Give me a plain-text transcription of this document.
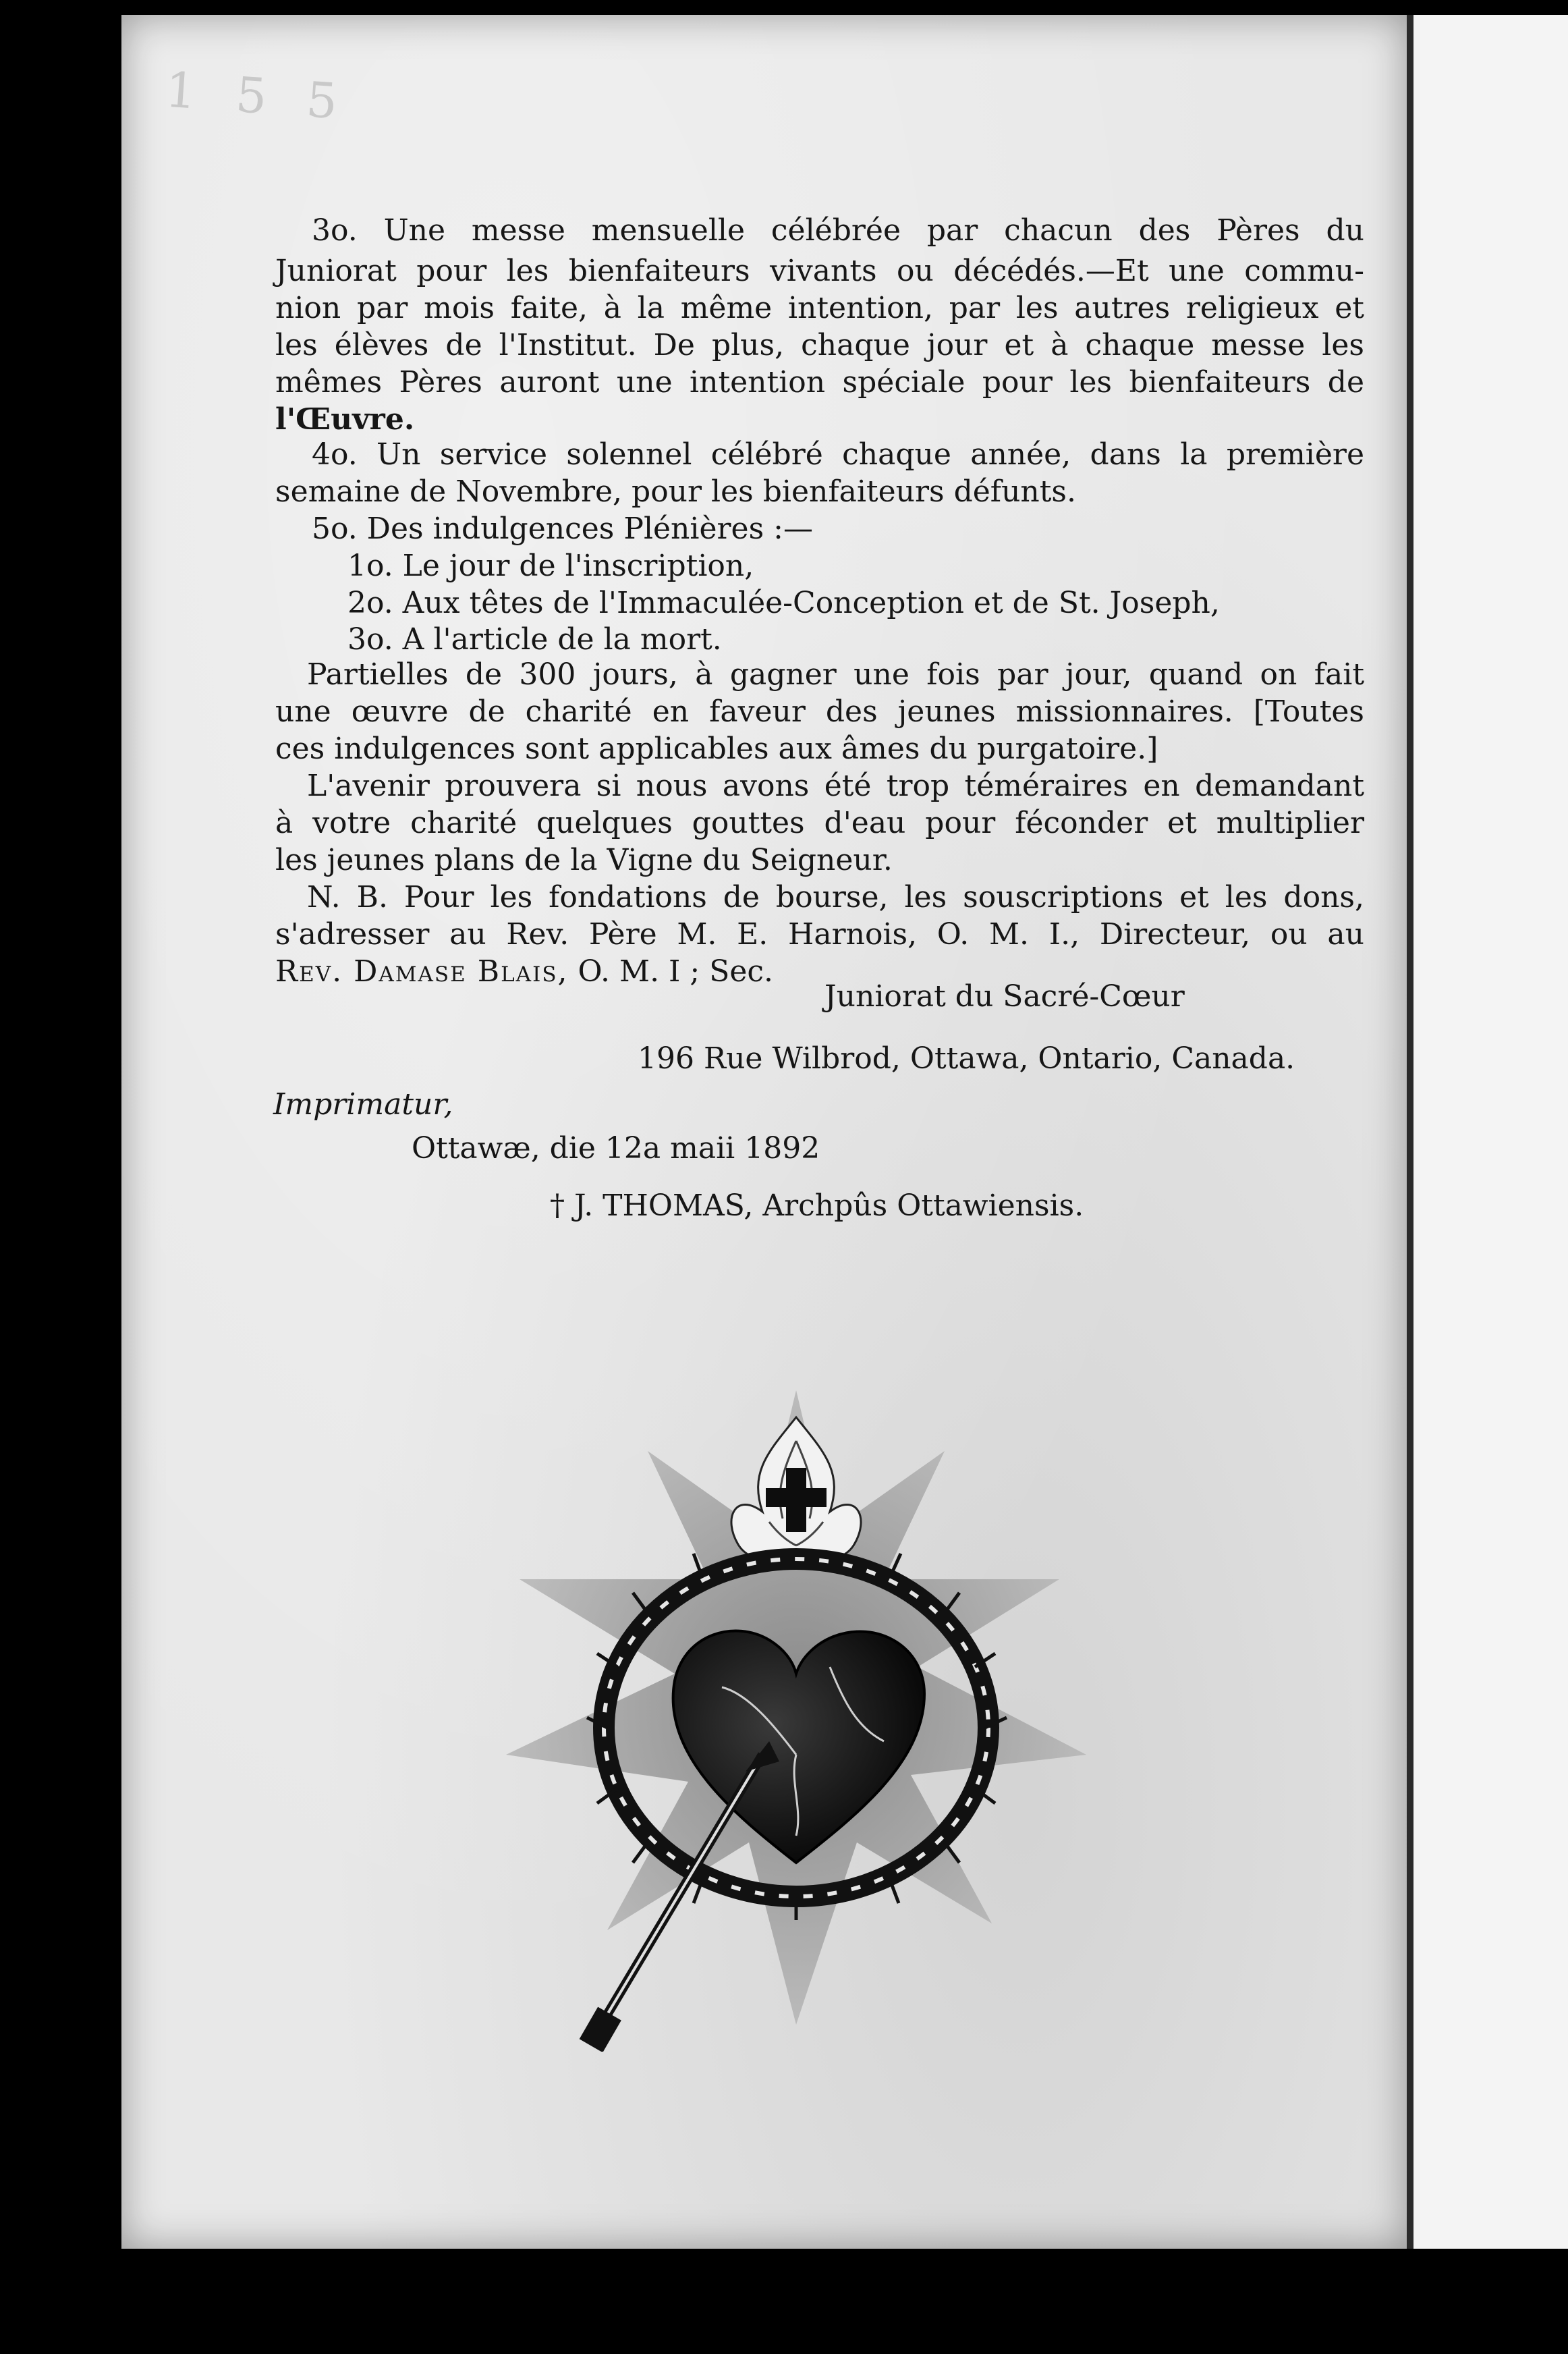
1 5 5
3o. Une messe mensuelle célébrée par chacun des Pères du
Juniorat pour les bienfaiteurs vivants ou décédés.—Et une commu-
nion par mois faite, à la même intention, par les autres religieux et
les élèves de l'Institut. De plus, chaque jour et à chaque messe les
mêmes Pères auront une intention spéciale pour les bienfaiteurs de
l'Œuvre.
4o. Un service solennel célébré chaque année, dans la première
semaine de Novembre, pour les bienfaiteurs défunts.
5o. Des indulgences Plénières :—
1o. Le jour de l'inscription,
2o. Aux têtes de l'Immaculée-Conception et de St. Joseph,
3o. A l'article de la mort.
Partielles de 300 jours, à gagner une fois par jour, quand on fait
une œuvre de charité en faveur des jeunes missionnaires. [Toutes
ces indulgences sont applicables aux âmes du purgatoire.]
L'avenir prouvera si nous avons été trop téméraires en demandant
à votre charité quelques gouttes d'eau pour féconder et multiplier
les jeunes plans de la Vigne du Seigneur.
N. B. Pour les fondations de bourse, les souscriptions et les dons,
s'adresser au Rev. Père M. E. Harnois, O. M. I., Directeur, ou au
Rev. Damase Blais, O. M. I ; Sec.
Juniorat du Sacré-Cœur
196 Rue Wilbrod, Ottawa, Ontario, Canada.
Imprimatur,
Ottawæ, die 12a maii 1892
† J. THOMAS, Archpûs Ottawiensis.
